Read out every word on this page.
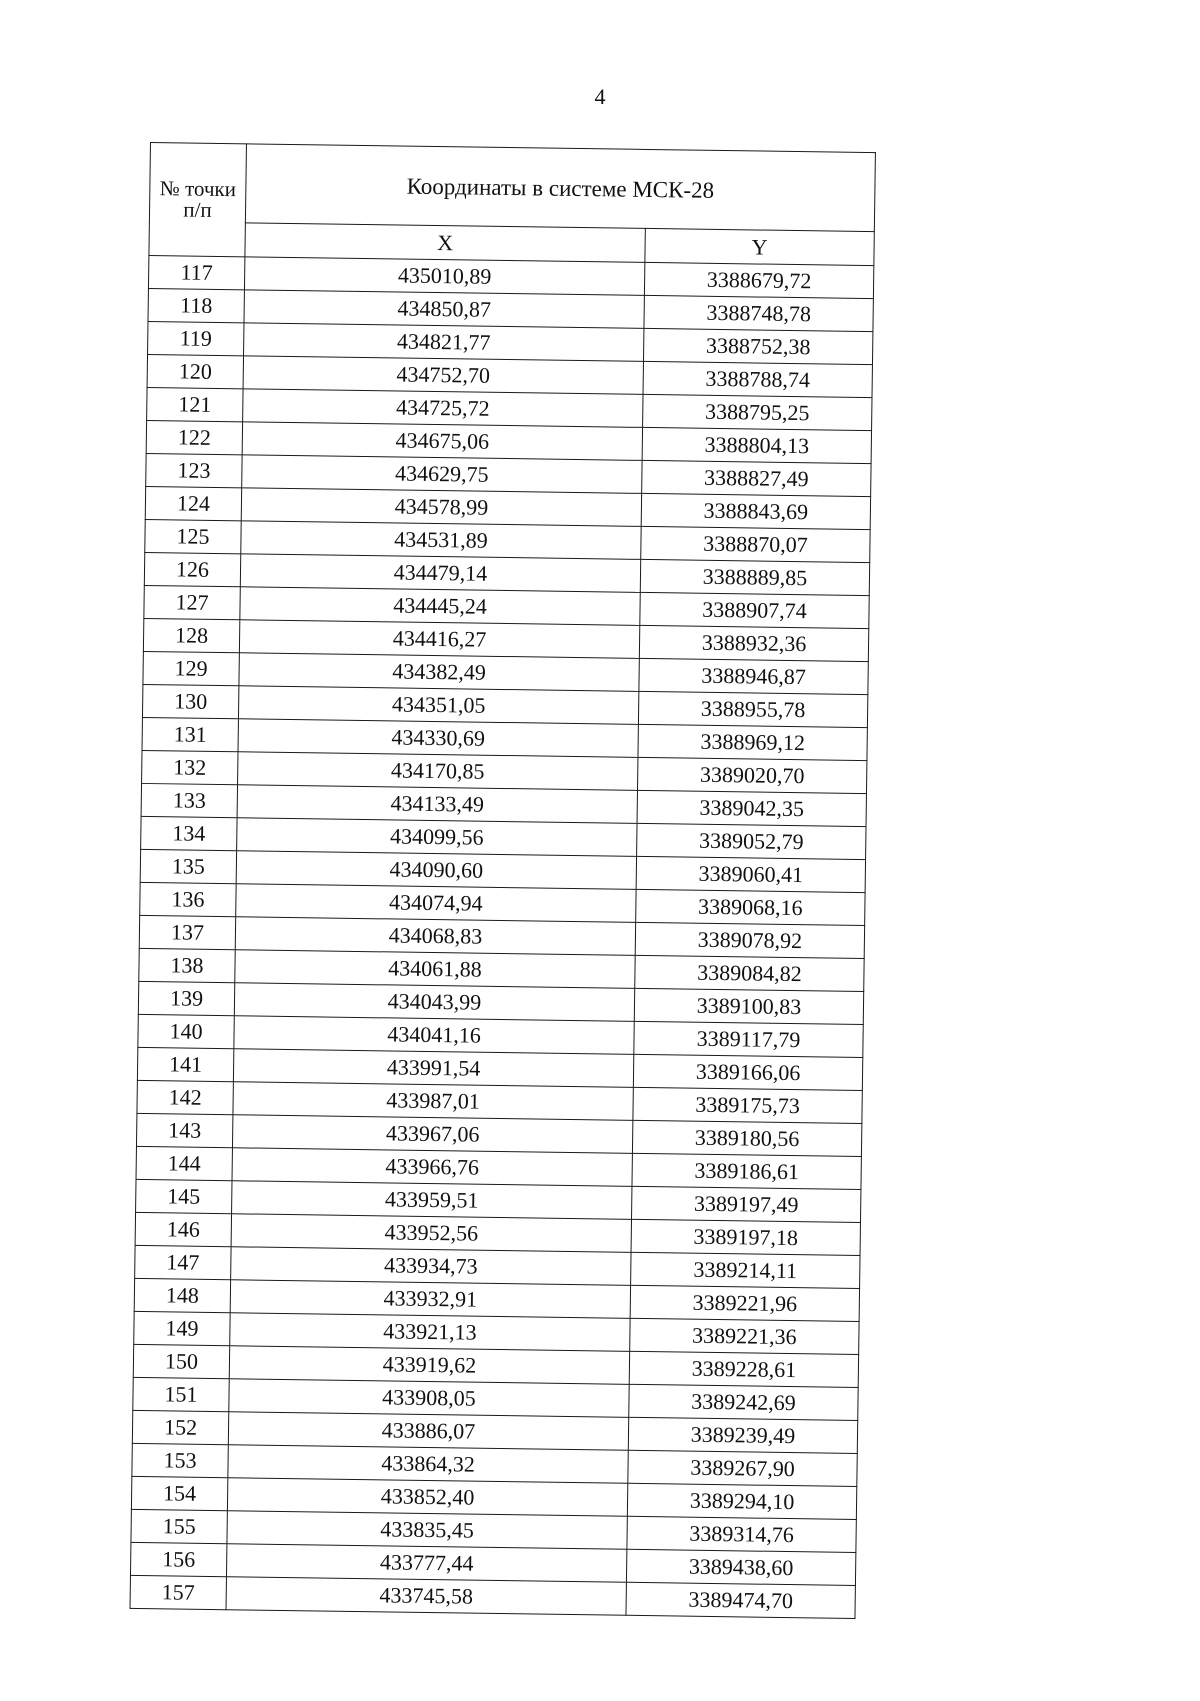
4
№ точки п/п	Координаты в системе МСК-28	
	X	Y
117	435010,89	3388679,72
118	434850,87	3388748,78
119	434821,77	3388752,38
120	434752,70	3388788,74
121	434725,72	3388795,25
122	434675,06	3388804,13
123	434629,75	3388827,49
124	434578,99	3388843,69
125	434531,89	3388870,07
126	434479,14	3388889,85
127	434445,24	3388907,74
128	434416,27	3388932,36
129	434382,49	3388946,87
130	434351,05	3388955,78
131	434330,69	3388969,12
132	434170,85	3389020,70
133	434133,49	3389042,35
134	434099,56	3389052,79
135	434090,60	3389060,41
136	434074,94	3389068,16
137	434068,83	3389078,92
138	434061,88	3389084,82
139	434043,99	3389100,83
140	434041,16	3389117,79
141	433991,54	3389166,06
142	433987,01	3389175,73
143	433967,06	3389180,56
144	433966,76	3389186,61
145	433959,51	3389197,49
146	433952,56	3389197,18
147	433934,73	3389214,11
148	433932,91	3389221,96
149	433921,13	3389221,36
150	433919,62	3389228,61
151	433908,05	3389242,69
152	433886,07	3389239,49
153	433864,32	3389267,90
154	433852,40	3389294,10
155	433835,45	3389314,76
156	433777,44	3389438,60
157	433745,58	3389474,70
